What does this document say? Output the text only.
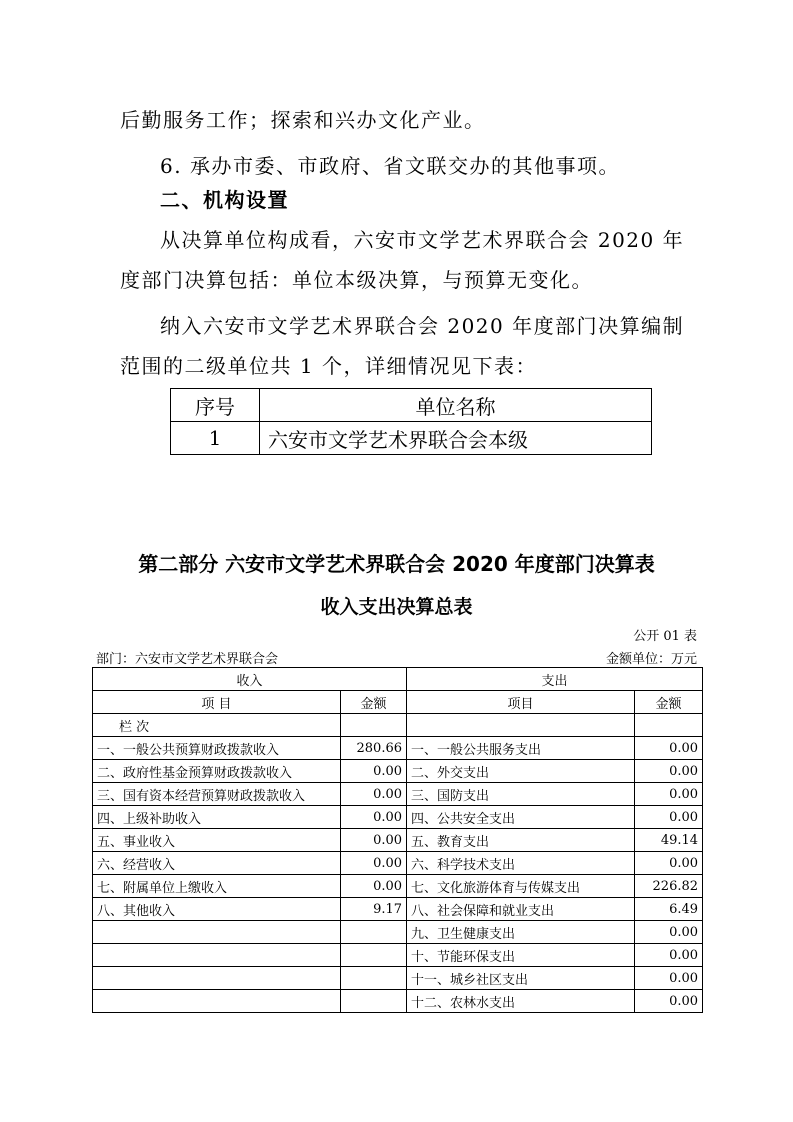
后勤服务工作；探索和兴办文化产业。
6. 承办市委、市政府、省文联交办的其他事项。
二、机构设置
从决算单位构成看，六安市文学艺术界联合会 2020 年
度部门决算包括：单位本级决算，与预算无变化。
纳入六安市文学艺术界联合会 2020 年度部门决算编制
范围的二级单位共 1 个，详细情况见下表：
序号	单位名称
1	六安市文学艺术界联合会本级
第二部分 六安市文学艺术界联合会 2020 年度部门决算表
收入支出决算总表
公开 01 表
部门：六安市文学艺术界联合会	金额单位：万元
收入		支出	
项 目	金额	项目	金额
栏 次			
一、一般公共预算财政拨款收入	280.66	一、一般公共服务支出	0.00
二、政府性基金预算财政拨款收入	0.00	二、外交支出	0.00
三、国有资本经营预算财政拨款收入	0.00	三、国防支出	0.00
四、上级补助收入	0.00	四、公共安全支出	0.00
五、事业收入	0.00	五、教育支出	49.14
六、经营收入	0.00	六、科学技术支出	0.00
七、附属单位上缴收入	0.00	七、文化旅游体育与传媒支出	226.82
八、其他收入	9.17	八、社会保障和就业支出	6.49
		九、卫生健康支出	0.00
		十、节能环保支出	0.00
		十一、城乡社区支出	0.00
		十二、农林水支出	0.00
